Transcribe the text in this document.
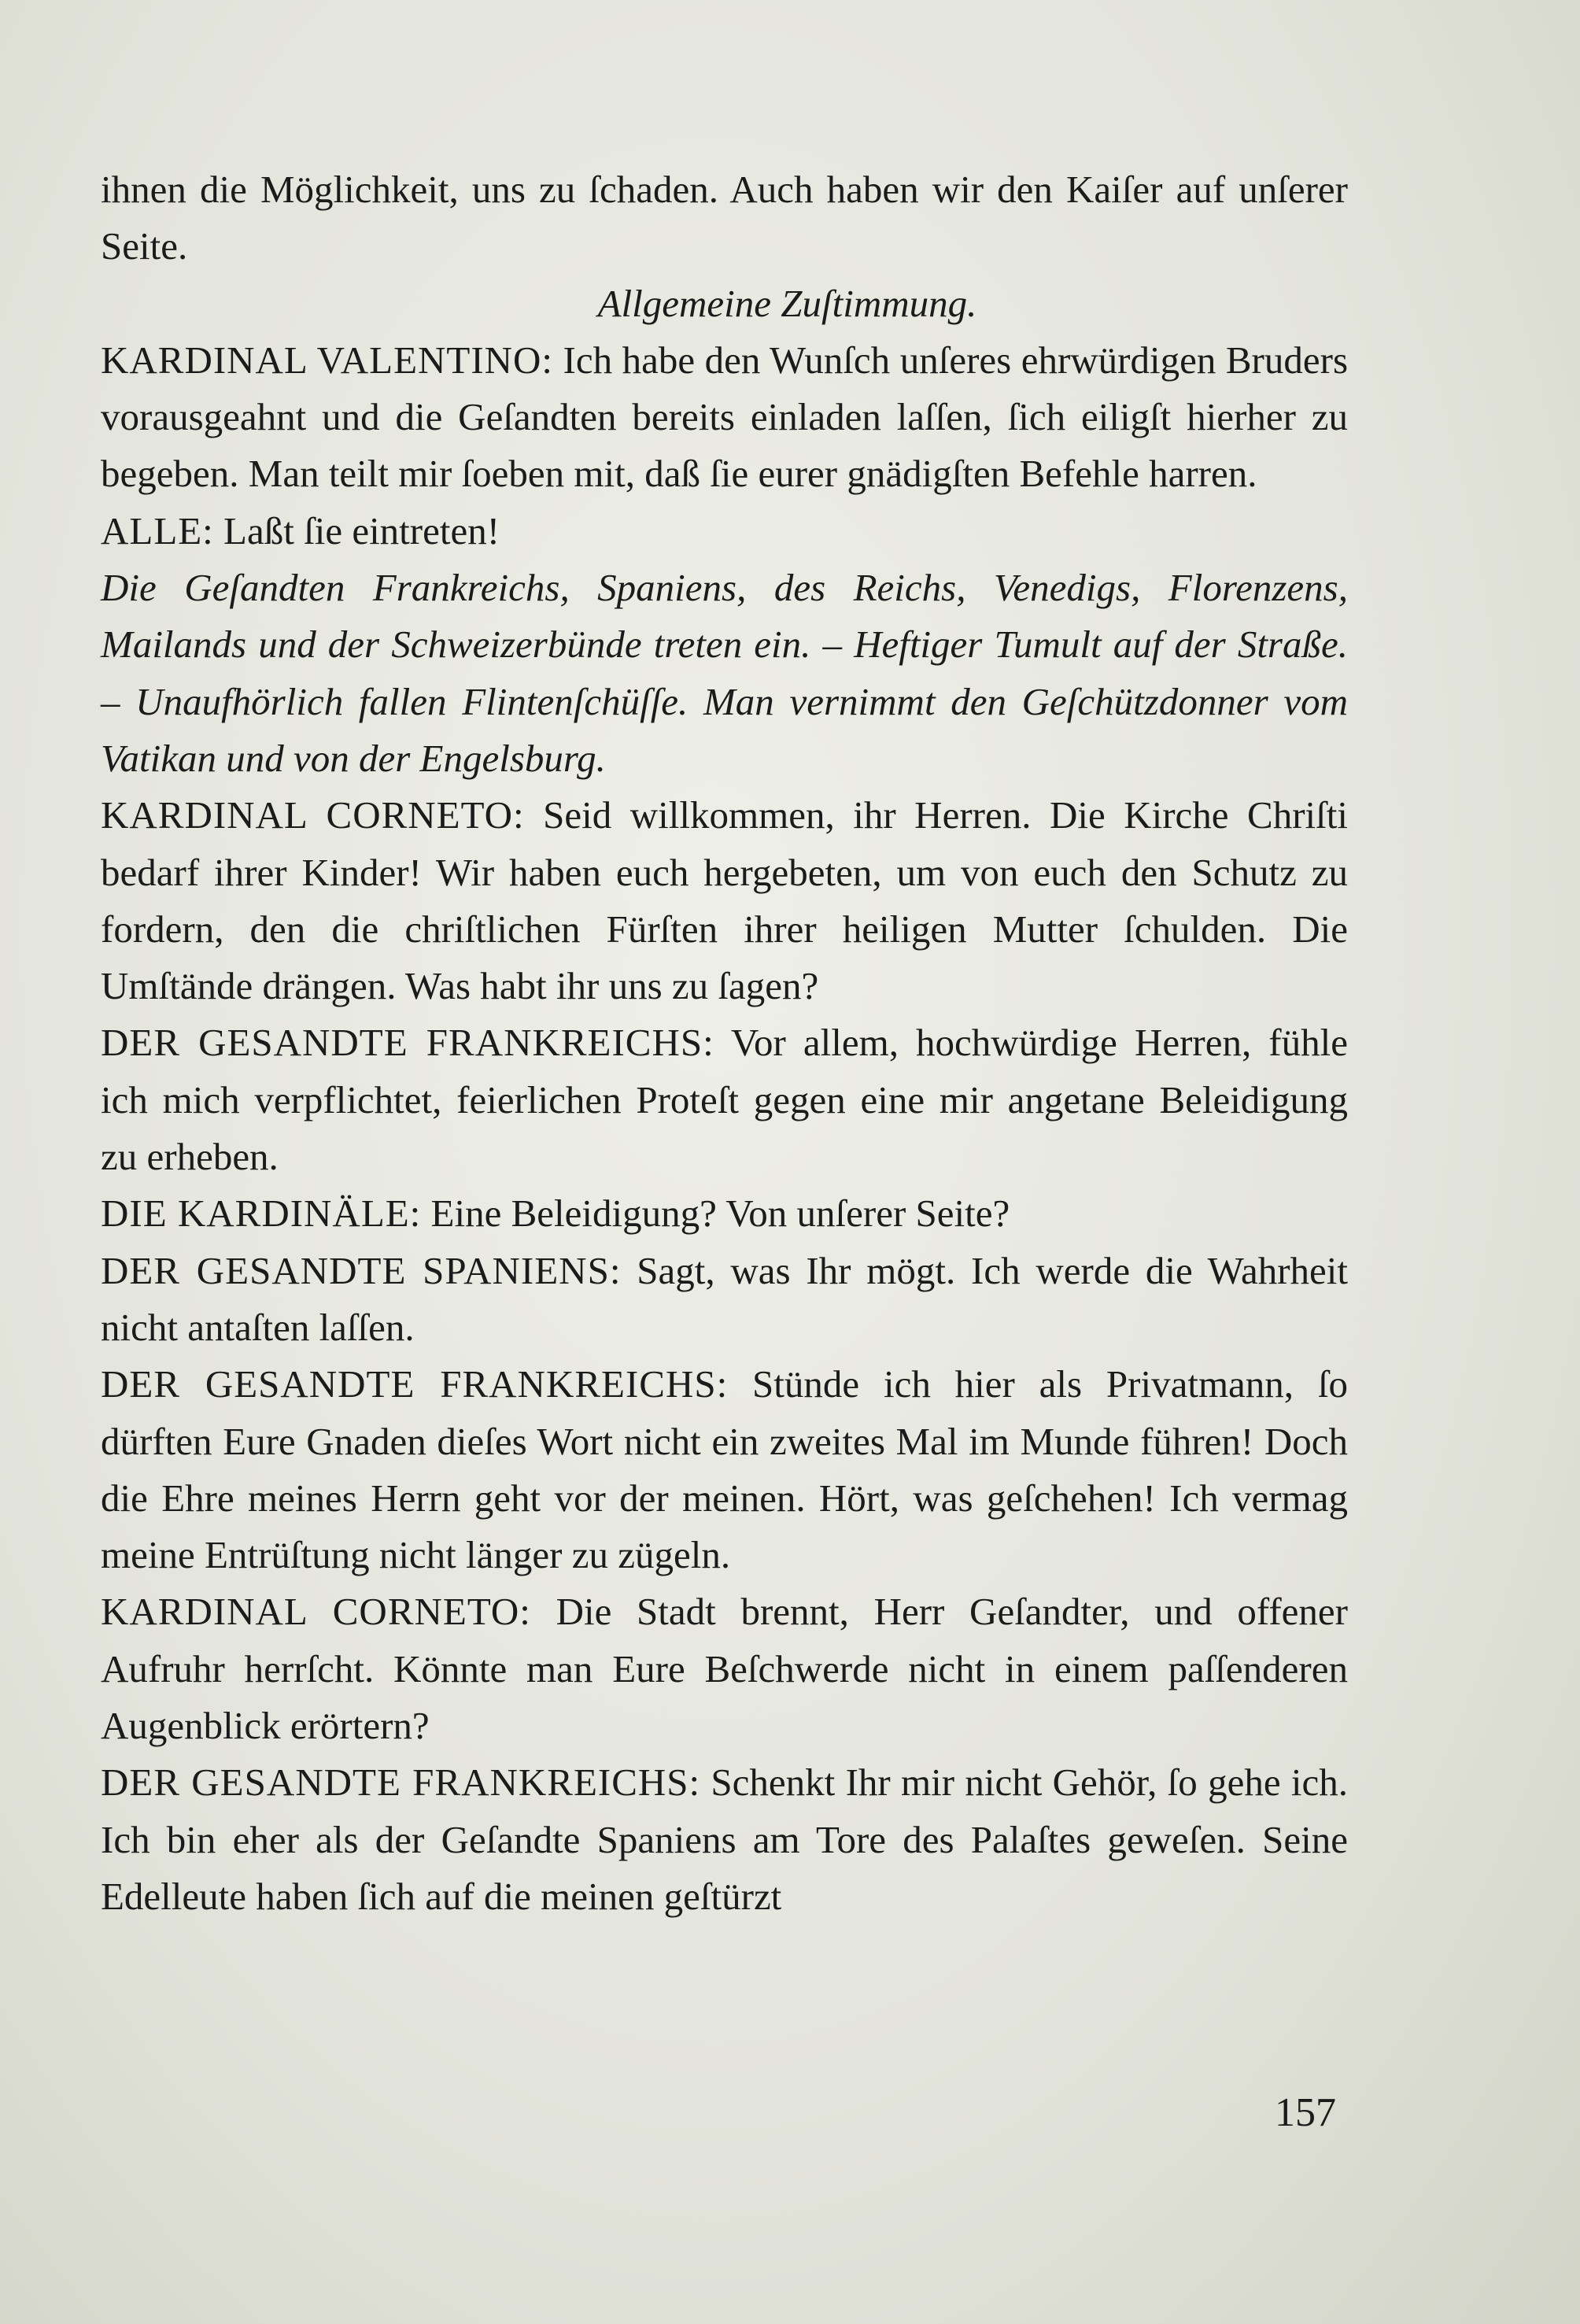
ihnen die Möglichkeit, uns zu ſchaden. Auch haben wir den Kaiſer auf unſerer Seite.

Allgemeine Zuſtimmung.

KARDINAL VALENTINO: Ich habe den Wunſch unſeres ehrwürdigen Bruders vorausgeahnt und die Geſandten bereits einladen laſſen, ſich eiligſt hierher zu begeben. Man teilt mir ſoeben mit, daß ſie eurer gnädigſten Befehle harren.

ALLE: Laßt ſie eintreten!

Die Geſandten Frankreichs, Spaniens, des Reichs, Venedigs, Florenzens, Mailands und der Schweizerbünde treten ein. – Heftiger Tumult auf der Straße. – Unaufhörlich fallen Flintenſchüſſe. Man vernimmt den Geſchützdonner vom Vatikan und von der Engelsburg.

KARDINAL CORNETO: Seid willkommen, ihr Herren. Die Kirche Chriſti bedarf ihrer Kinder! Wir haben euch hergebeten, um von euch den Schutz zu fordern, den die chriſtlichen Fürſten ihrer heiligen Mutter ſchulden. Die Umſtände drängen. Was habt ihr uns zu ſagen?

DER GESANDTE FRANKREICHS: Vor allem, hochwürdige Herren, fühle ich mich verpflichtet, feierlichen Proteſt gegen eine mir angetane Beleidigung zu erheben.

DIE KARDINÄLE: Eine Beleidigung? Von unſerer Seite?

DER GESANDTE SPANIENS: Sagt, was Ihr mögt. Ich werde die Wahrheit nicht antaſten laſſen.

DER GESANDTE FRANKREICHS: Stünde ich hier als Privatmann, ſo dürften Eure Gnaden dieſes Wort nicht ein zweites Mal im Munde führen! Doch die Ehre meines Herrn geht vor der meinen. Hört, was geſchehen! Ich vermag meine Entrüſtung nicht länger zu zügeln.

KARDINAL CORNETO: Die Stadt brennt, Herr Geſandter, und offener Aufruhr herrſcht. Könnte man Eure Beſchwerde nicht in einem paſſenderen Augenblick erörtern?

DER GESANDTE FRANKREICHS: Schenkt Ihr mir nicht Gehör, ſo gehe ich. Ich bin eher als der Geſandte Spaniens am Tore des Palaſtes geweſen. Seine Edelleute haben ſich auf die meinen geſtürzt

157
